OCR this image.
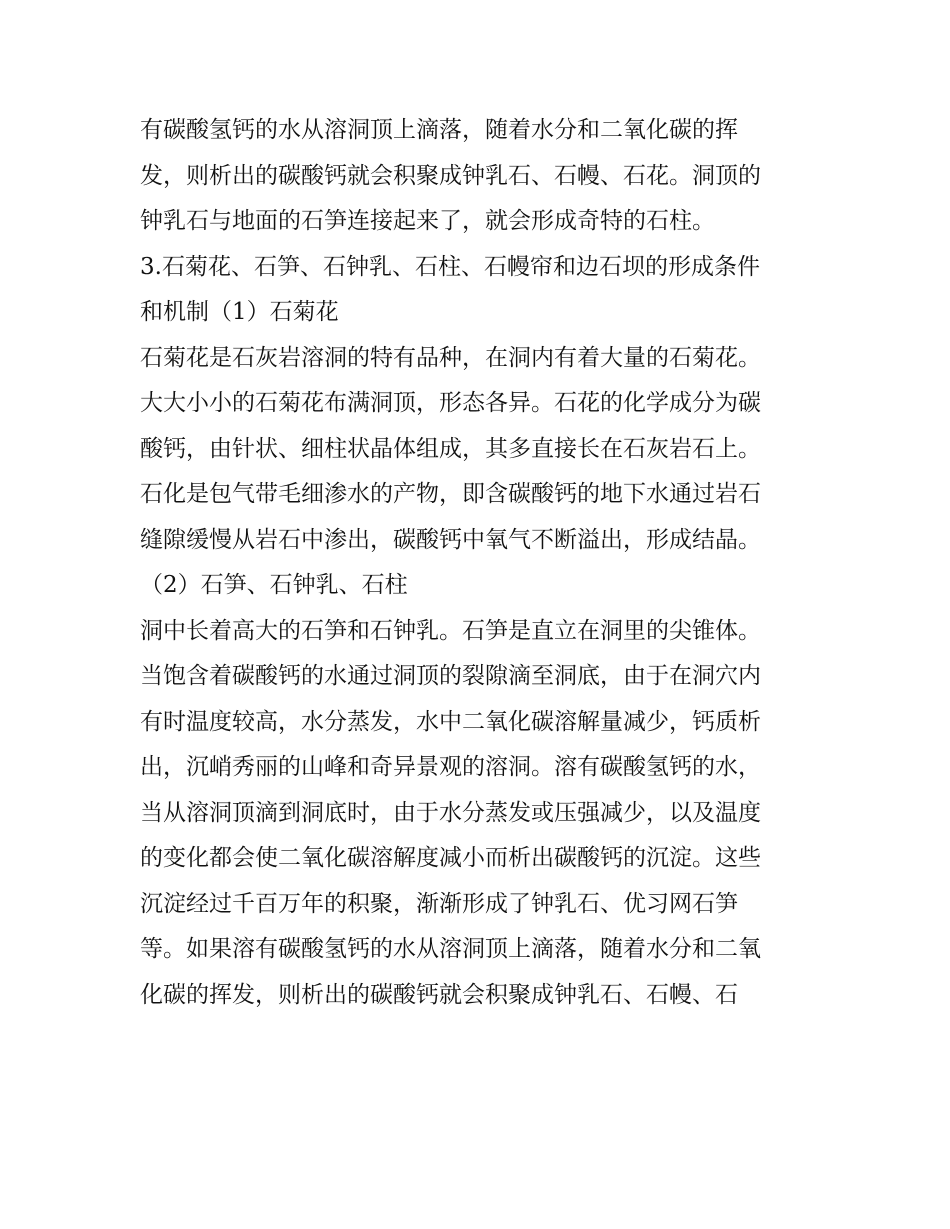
有碳酸氢钙的水从溶洞顶上滴落，随着水分和二氧化碳的挥
发，则析出的碳酸钙就会积聚成钟乳石、石幔、石花。洞顶的
钟乳石与地面的石笋连接起来了，就会形成奇特的石柱。
3.石菊花、石笋、石钟乳、石柱、石幔帘和边石坝的形成条件
和机制（1）石菊花
石菊花是石灰岩溶洞的特有品种，在洞内有着大量的石菊花。
大大小小的石菊花布满洞顶，形态各异。石花的化学成分为碳
酸钙，由针状、细柱状晶体组成，其多直接长在石灰岩石上。
石化是包气带毛细渗水的产物，即含碳酸钙的地下水通过岩石
缝隙缓慢从岩石中渗出，碳酸钙中氧气不断溢出，形成结晶。
（2）石笋、石钟乳、石柱
洞中长着高大的石笋和石钟乳。石笋是直立在洞里的尖锥体。
当饱含着碳酸钙的水通过洞顶的裂隙滴至洞底，由于在洞穴内
有时温度较高，水分蒸发，水中二氧化碳溶解量减少，钙质析
出，沉峭秀丽的山峰和奇异景观的溶洞。溶有碳酸氢钙的水，
当从溶洞顶滴到洞底时，由于水分蒸发或压强减少，以及温度
的变化都会使二氧化碳溶解度减小而析出碳酸钙的沉淀。这些
沉淀经过千百万年的积聚，渐渐形成了钟乳石、优习网石笋
等。如果溶有碳酸氢钙的水从溶洞顶上滴落，随着水分和二氧
化碳的挥发，则析出的碳酸钙就会积聚成钟乳石、石幔、石
